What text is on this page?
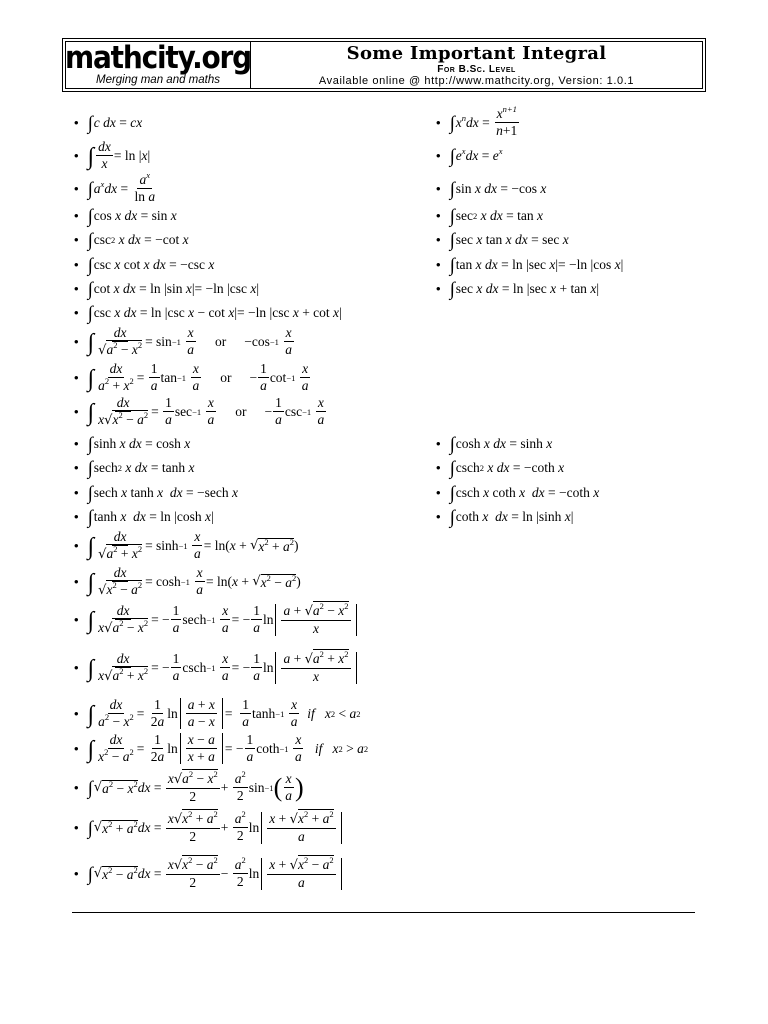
mathcity.org
Merging man and maths
Some Important Integral
For B.Sc. Level
Available online @ http://www.mathcity.org, Version: 1.0.1
• ∫ c dx = cx	• ∫ $x^ndx$ =
$x^{n+1}$
n+1
• ∫ dx
x
= ln | x |	• ∫ $e^xdx = e^x$
• ∫ $a^xdx$ =
$a^x$
ln a	• ∫ sin x dx = −cos x
• ∫ cos x dx = sin x	• ∫ sec 2
x dx = tan x
• ∫ csc 2
x dx = −cot x	• ∫ sec x tan x dx = sec x
• ∫ csc x cot x dx = −csc x	• ∫ tan x dx = ln |sec x |= −ln |cos x |
• ∫ cot x dx = ln |sin x |= −ln |csc x |	• ∫ sec x dx = ln |sec x + tan x |
• ∫ csc x dx = ln |csc x − cot x |= −ln |csc x + cot x |
• ∫ dx
$√a^2 - x^2 = \sin -1$

x
a
or −cos −1

x
a
• ∫ dx
$a^2 + x^2$ =
1
a
tan −1

x
a
or −
1
a
cot −1

x
a
• ∫ dx
$x√x^2 - a^2$ =
1
a
sec −1

x
a
or −
1
a
csc −1

x
a
• ∫ sinh x dx = cosh x	• ∫ cosh x dx = sinh x
• ∫ sech 2
x dx = tanh x	• ∫ csch 2
x dx = −coth x
• ∫ sech x tanh x
dx = −sech x	• ∫ csch x coth x
dx = −coth x
• ∫ tanh x
dx = ln |cosh x |	• ∫ coth x
dx = ln |sinh x |
• ∫ dx
$√a^2 + x^2 = \sinh -1$

x
a
= ln( x + √ $x^2 + a^2$ )
• ∫ dx
$√x^2 - a^2 = \cosh -1$

x
a
= ln( x + √ $x^2 - a^2$ )
• ∫ dx
$x√a^2 - x^2$ = −
1
a
sech −1

x
a
= −
1
a
ln
$a + √a^2 - x^2$
x
• ∫ dx
$x√a^2 + x^2$ = −
1
a
csch −1

x
a
= −
1
a
ln
$a + √a^2 + x^2$
x
• ∫ dx
$a^2 - x^2$ =
1
2a
ln
a + x
a − x
=
1
a
tanh −1

x
a

if
x 2 < a 2
• ∫ dx
$x^2 - a^2$ =
1
2a
ln
x − a
x + a
= −
1
a
coth −1

x
a

if
x 2 > a 2
• ∫ √ $a^2 - x^2$ dx =
$x√a^2 - x^2$
2
+
$a^2$
2
sin −1 ( x
a )
• ∫ √ $x^2 + a^2$ dx =
$x√x^2 + a^2$
2
+
$a^2$
2
ln
$x + √x^2 + a^2$
a
• ∫ √ $x^2 - a^2$ dx =
$x√x^2 - a^2$
2
−
$a^2$
2
ln
$x + √x^2 - a^2$
a
